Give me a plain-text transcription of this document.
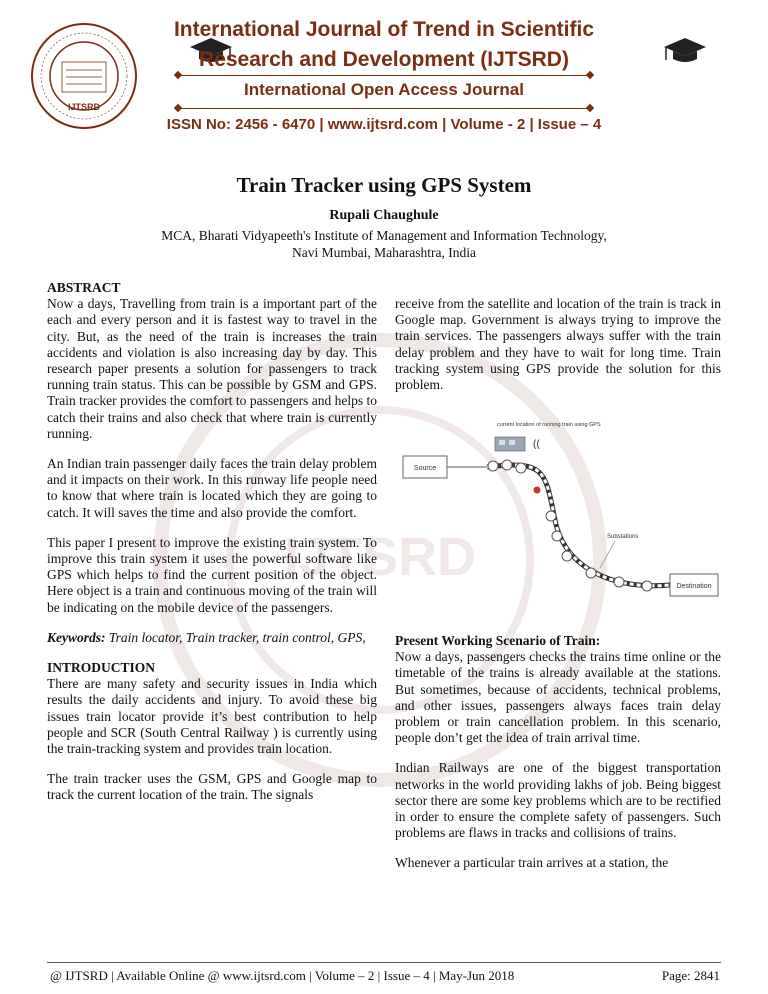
IJTSRD
International Journal of Trend in Scientific
Research and Development (IJTSRD)
International Open Access Journal
ISSN No: 2456 - 6470 | www.ijtsrd.com | Volume - 2 | Issue – 4
IJTSRD
Train Tracker using GPS System
Rupali Chaughule
MCA, Bharati Vidyapeeth's Institute of Management and Information Technology,
Navi Mumbai, Maharashtra, India
ABSTRACT

Now a days, Travelling from train is a important part of the each and every person and it is fastest way to travel in the city. But, as the need of the train is increases the train accidents and violation is also increasing day by day. This research paper presents a solution for passengers to track running train status. This can be possible by GSM and GPS. Train tracker provides the comfort to passengers and helps to catch their trains and also check that where train is currently running.

An Indian train passenger daily faces the train delay problem and it impacts on their work. In this runway life people need to know that where train is located which they are going to catch. It will saves the time and also provide the comfort.

This paper I present to improve the existing train system. To improve this train system it uses the powerful software like GPS which helps to find the current position of the object. Here object is a train and continuous moving of the train will be indicating on the mobile device of the passengers.

Keywords: Train locator, Train tracker, train control, GPS,

INTRODUCTION

There are many safety and security issues in India which results the daily accidents and injury. To avoid these big issues train locator provide it’s best contribution to help people and SCR (South Central Railway ) is currently using the train-tracking system and provides train location.

The train tracker uses the GSM, GPS and Google map to track the current location of the train. The signals

receive from the satellite and location of the train is track in Google map. Government is always trying to improve the train services. The passengers always suffer with the train delay problem and they have to wait for long time. Train tracking system using GPS provide the solution for this problem.

Source
current location of running train using GPS
((
Substations
Destination
Present Working Scenario of Train:

Now a days, passengers checks the trains time online or the timetable of the trains is already available at the stations. But sometimes, because of accidents, technical problems, and other issues, passengers always faces train delay problem or train cancellation problem. In this scenario, people don’t get the idea of train arrival time.

Indian Railways are one of the biggest transportation networks in the world providing lakhs of job. Being biggest sector there are some key problems which are to be rectified in order to ensure the complete safety of passengers. Such problems are flaws in tracks and collisions of trains.

Whenever a particular train arrives at a station, the

@ IJTSRD | Available Online @ www.ijtsrd.com | Volume – 2 | Issue – 4 | May-Jun 2018	Page: 2841
